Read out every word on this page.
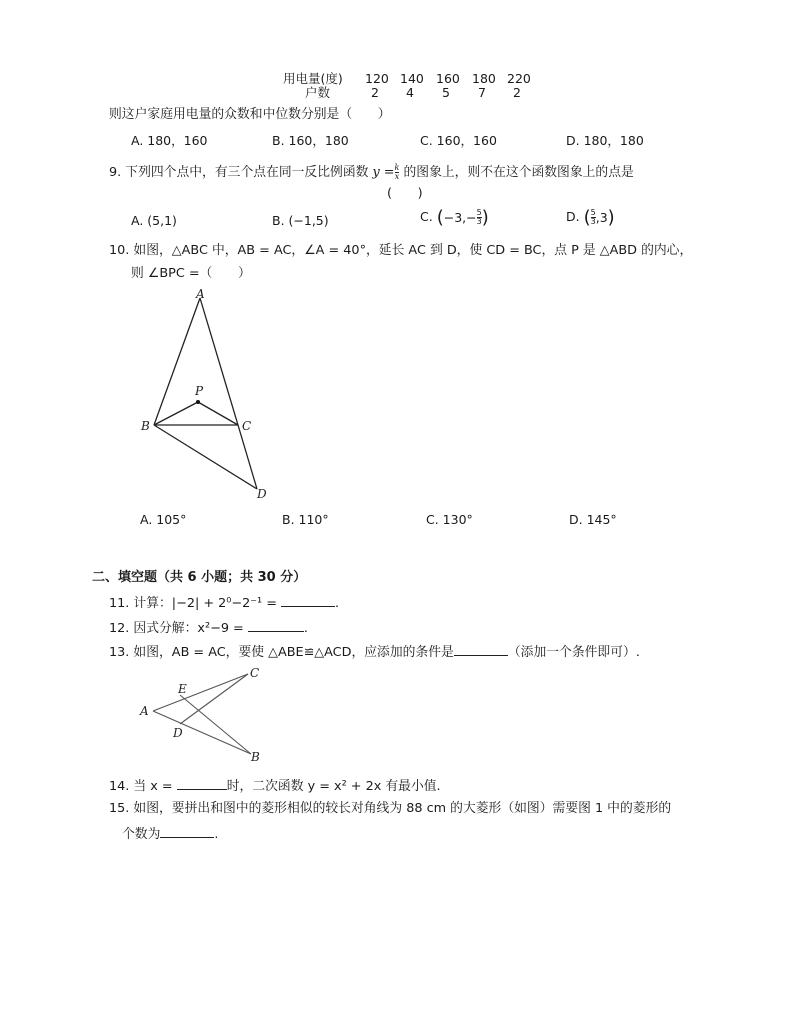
用电量(度) 120 140 160 180 220
户数	2 4 5 7 2
则这户家庭用电量的众数和中位数分别是（　　）
A. 180，160	B. 160，180	C. 160，160	D. 180，180
9. 下列四个点中，有三个点在同一反比例函数 $y = \frac{k}{x}$ 的图象上，则不在这个函数图象上的点是
(　　)
A. (5,1)	B. (−1,5)	C. ($-3,- \frac{5}{3}$ )	D. ( $\frac{5}{3} ,3$)
10. 如图，△ABC 中，AB = AC，∠A = 40°，延长 AC 到 D，使 CD = BC，点 P 是 △ABD 的内心，
则 ∠BPC =（　　）
A
B	C
D
P
A. 105°	B. 110°	C. 130°	D. 145°
二、填空题（共 6 小题；共 30 分）
11. 计算：|−2| + 2⁰−2⁻¹ =	.
12. 因式分解：x²−9 =	.
13. 如图，AB = AC，要使 △ABE≌△ACD，应添加的条件是	（添加一个条件即可）.
A
C
E
D
B
14. 当 x =	时，二次函数 y = x² + 2x 有最小值.
15. 如图，要拼出和图中的菱形相似的较长对角线为 88 cm 的大菱形（如图）需要图 1 中的菱形的
个数为	.
